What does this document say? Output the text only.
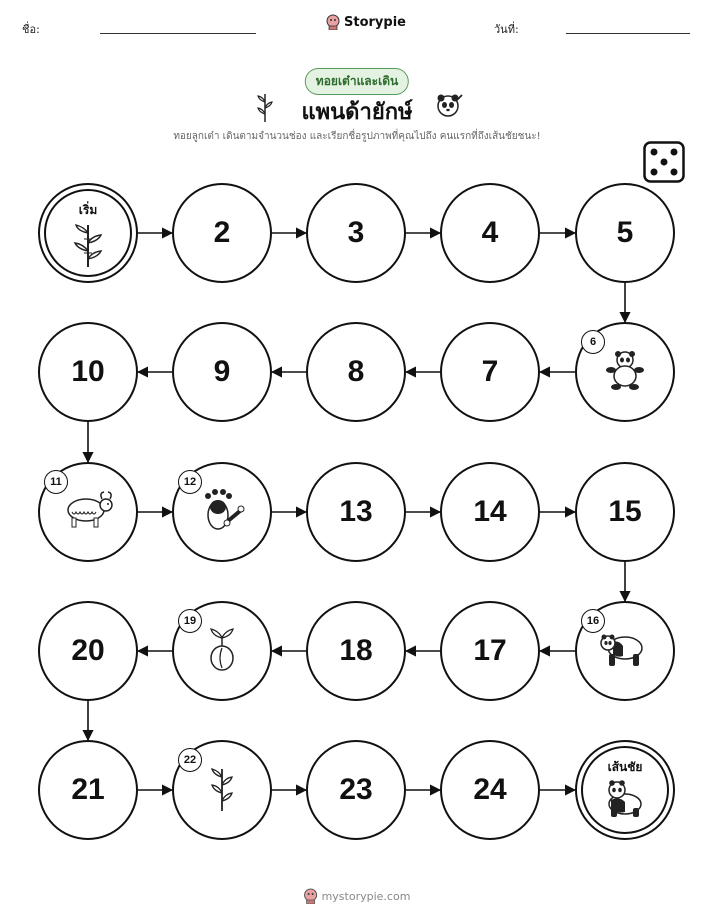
ชื่อ:	Storypie	วันที่:
ทอยเต๋าและเดิน
แพนด้ายักษ์
ทอยลูกเต๋า เดินตามจำนวนช่อง และเรียกชื่อรูปภาพที่คุณไปถึง คนแรกที่ถึงเส้นชัยชนะ!
เริ่ม
2	3	4	5
6
7
8
9
10
11	12
13	14	15
16
17
18
19
20
21
22
23	24
เส้นชัย
mystorypie.com
